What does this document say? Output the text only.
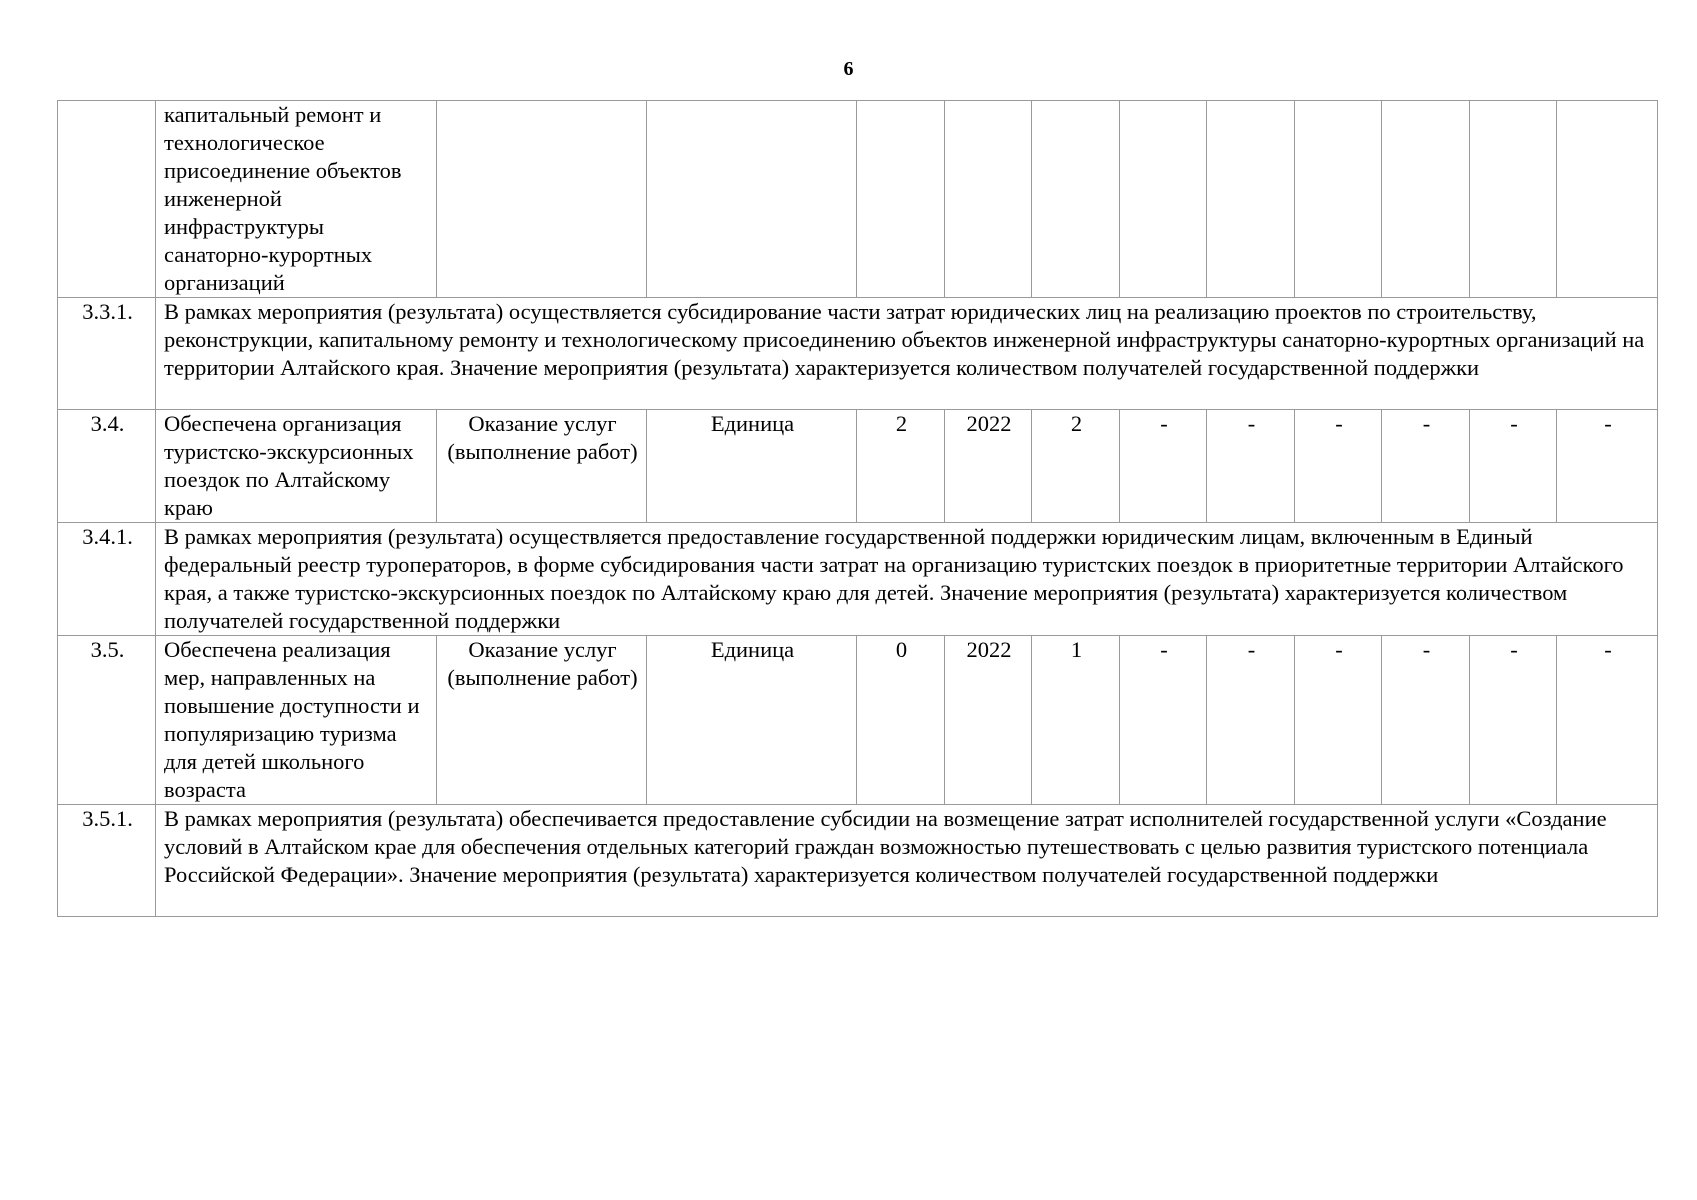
6
	капитальный ремонт и технологическое присоединение объектов инженерной инфраструктуры санаторно-курортных организаций											
3.3.1.	В рамках мероприятия (результата) осуществляется субсидирование части затрат юридических лиц на реализацию проектов по строительству, реконструкции, капитальному ремонту и технологическому присоединению объектов инженерной инфраструктуры санаторно-курортных организаций на территории Алтайского края. Значение мероприятия (результата) характеризуется количеством получателей государственной поддержки											
3.4.	Обеспечена организация туристско-экскурсионных поездок по Алтайскому краю	Оказание услуг (выполнение работ)	Единица	2	2022	2	-	-	-	-	-	-
3.4.1.	В рамках мероприятия (результата) осуществляется предоставление государственной поддержки юридическим лицам, включенным в Единый федеральный реестр туроператоров, в форме субсидирования части затрат на организацию туристских поездок в приоритетные территории Алтайского края, а также туристско-экскурсионных поездок по Алтайскому краю для детей. Значение мероприятия (результата) характеризуется количеством получателей государственной поддержки											
3.5.	Обеспечена реализация мер, направленных на повышение доступности и популяризацию туризма для детей школьного возраста	Оказание услуг (выполнение работ)	Единица	0	2022	1	-	-	-	-	-	-
3.5.1.	В рамках мероприятия (результата) обеспечивается предоставление субсидии на возмещение затрат исполнителей государственной услуги «Создание условий в Алтайском крае для обеспечения отдельных категорий граждан возможностью путешествовать с целью развития туристского потенциала Российской Федерации». Значение мероприятия (результата) характеризуется количеством получателей государственной поддержки											
